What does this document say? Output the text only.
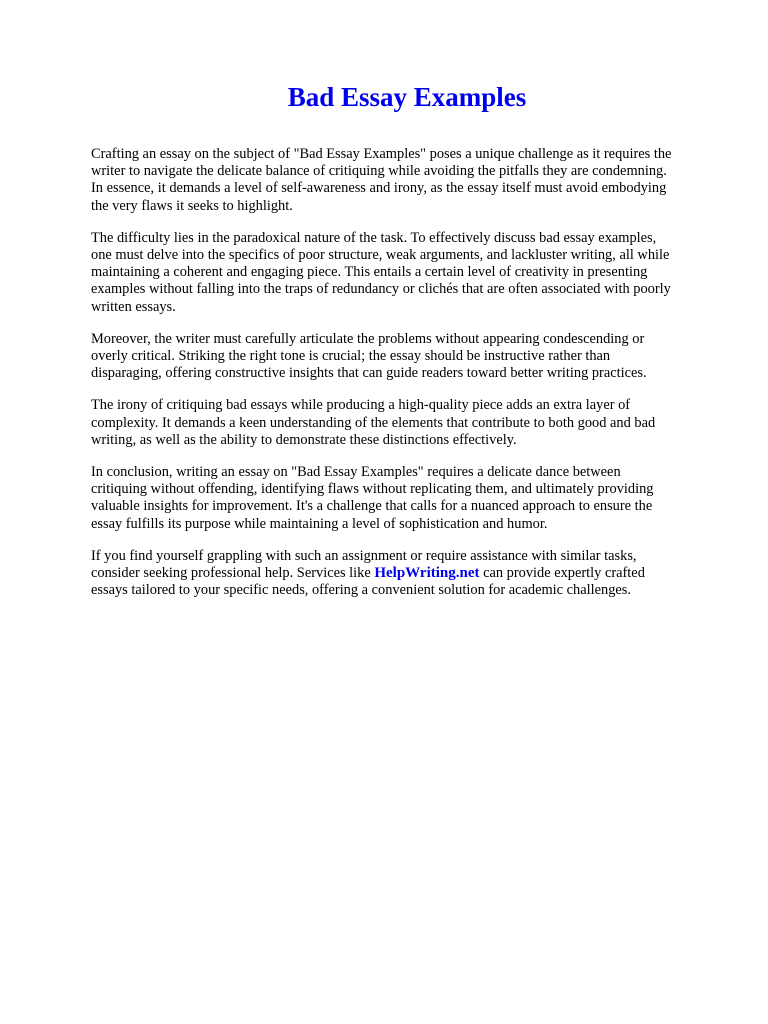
Bad Essay Examples

Crafting an essay on the subject of "Bad Essay Examples" poses a unique challenge as it requires the
writer to navigate the delicate balance of critiquing while avoiding the pitfalls they are condemning.
In essence, it demands a level of self-awareness and irony, as the essay itself must avoid embodying
the very flaws it seeks to highlight.

The difficulty lies in the paradoxical nature of the task. To effectively discuss bad essay examples,
one must delve into the specifics of poor structure, weak arguments, and lackluster writing, all while
maintaining a coherent and engaging piece. This entails a certain level of creativity in presenting
examples without falling into the traps of redundancy or clichés that are often associated with poorly
written essays.

Moreover, the writer must carefully articulate the problems without appearing condescending or
overly critical. Striking the right tone is crucial; the essay should be instructive rather than
disparaging, offering constructive insights that can guide readers toward better writing practices.

The irony of critiquing bad essays while producing a high-quality piece adds an extra layer of
complexity. It demands a keen understanding of the elements that contribute to both good and bad
writing, as well as the ability to demonstrate these distinctions effectively.

In conclusion, writing an essay on "Bad Essay Examples" requires a delicate dance between
critiquing without offending, identifying flaws without replicating them, and ultimately providing
valuable insights for improvement. It's a challenge that calls for a nuanced approach to ensure the
essay fulfills its purpose while maintaining a level of sophistication and humor.

If you find yourself grappling with such an assignment or require assistance with similar tasks,
consider seeking professional help. Services like HelpWriting.net can provide expertly crafted
essays tailored to your specific needs, offering a convenient solution for academic challenges.
